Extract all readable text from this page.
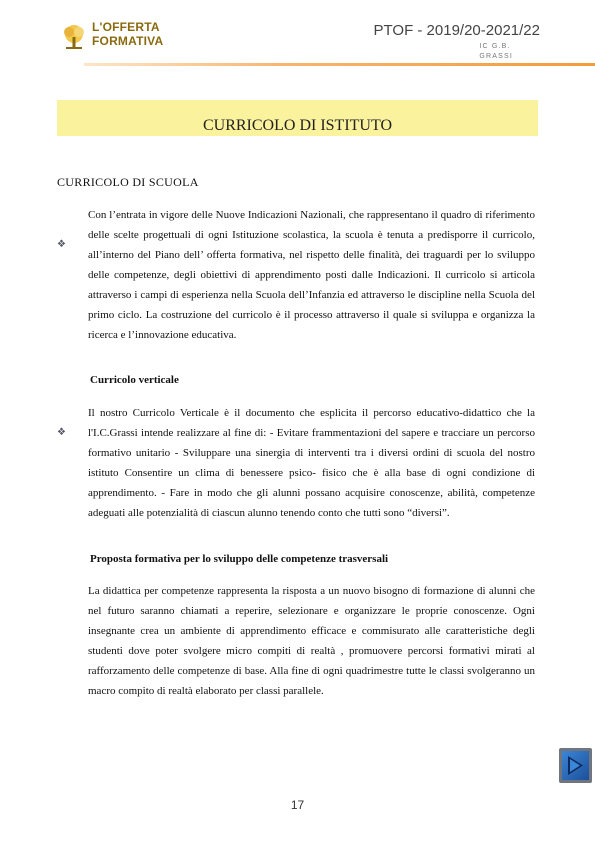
L'OFFERTA
FORMATIVA
PTOF - 2019/20-2021/22
IC G.B.
GRASSI
CURRICOLO DI ISTITUTO
CURRICOLO DI SCUOLA
❖
Con l’entrata in vigore delle Nuove Indicazioni Nazionali, che rappresentano il quadro di riferimento delle scelte progettuali di ogni Istituzione scolastica, la scuola è tenuta a predisporre il curricolo, all’interno del Piano dell’ offerta formativa, nel rispetto delle finalità, dei traguardi per lo sviluppo delle competenze, degli obiettivi di apprendimento posti dalle Indicazioni. Il curricolo si articola attraverso i campi di esperienza nella Scuola dell’Infanzia ed attraverso le discipline nella Scuola del primo ciclo. La costruzione del curricolo è il processo attraverso il quale si sviluppa e organizza la ricerca e l’innovazione educativa.
Curricolo verticale
❖
Il nostro Curricolo Verticale è il documento che esplicita il percorso educativo-didattico che la l'I.C.Grassi intende realizzare al fine di: - Evitare frammentazioni del sapere e tracciare un percorso formativo unitario - Sviluppare una sinergia di interventi tra i diversi ordini di scuola del nostro istituto Consentire un clima di benessere psico- fisico che è alla base di ogni condizione di apprendimento. - Fare in modo che gli alunni possano acquisire conoscenze, abilità, competenze adeguati alle potenzialità di ciascun alunno tenendo conto che tutti sono “diversi”.
Proposta formativa per lo sviluppo delle competenze trasversali
La didattica per competenze rappresenta la risposta a un nuovo bisogno di formazione di alunni che nel futuro saranno chiamati a reperire, selezionare e organizzare le proprie conoscenze. Ogni insegnante crea un ambiente di apprendimento efficace e commisurato alle caratteristiche degli studenti dove poter svolgere micro compiti di realtà , promuovere percorsi formativi mirati al rafforzamento delle competenze di base. Alla fine di ogni quadrimestre tutte le classi svolgeranno un macro compito di realtà elaborato per classi parallele.
17
